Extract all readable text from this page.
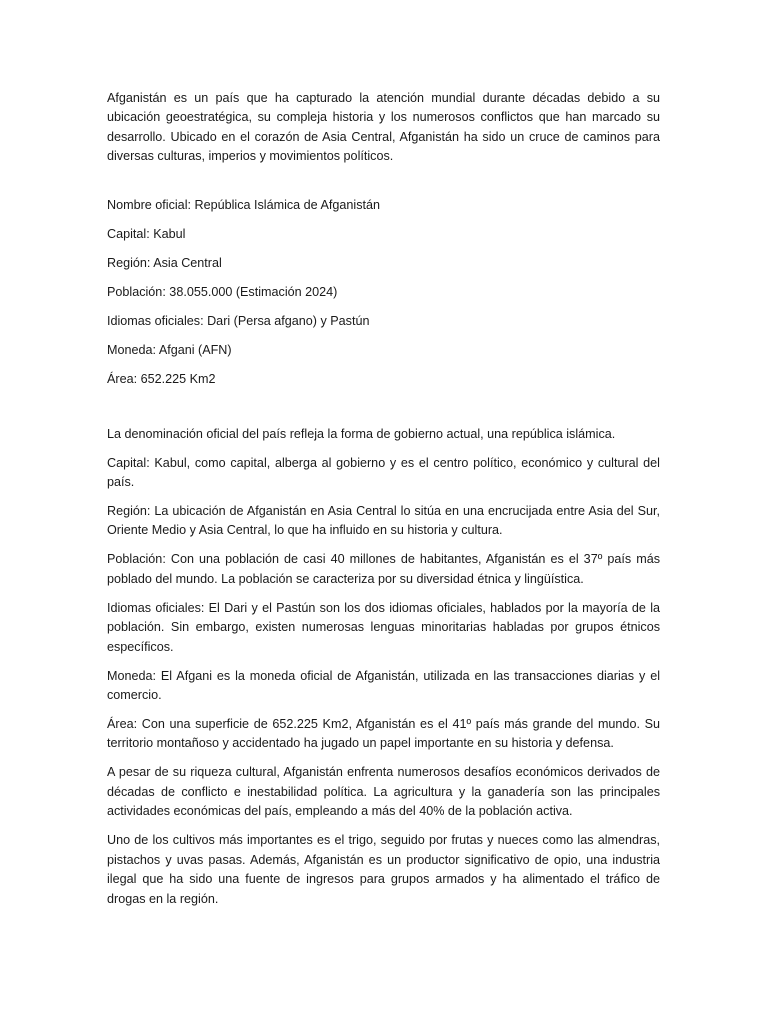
Afganistán es un país que ha capturado la atención mundial durante décadas debido a su ubicación geoestratégica, su compleja historia y los numerosos conflictos que han marcado su desarrollo. Ubicado en el corazón de Asia Central, Afganistán ha sido un cruce de caminos para diversas culturas, imperios y movimientos políticos.

Nombre oficial: República Islámica de Afganistán

Capital: Kabul

Región: Asia Central

Población: 38.055.000 (Estimación 2024)

Idiomas oficiales: Dari (Persa afgano) y Pastún

Moneda: Afgani (AFN)

Área: 652.225 Km2

La denominación oficial del país refleja la forma de gobierno actual, una república islámica.

Capital: Kabul, como capital, alberga al gobierno y es el centro político, económico y cultural del país.

Región: La ubicación de Afganistán en Asia Central lo sitúa en una encrucijada entre Asia del Sur, Oriente Medio y Asia Central, lo que ha influido en su historia y cultura.

Población: Con una población de casi 40 millones de habitantes, Afganistán es el 37º país más poblado del mundo. La población se caracteriza por su diversidad étnica y lingüística.

Idiomas oficiales: El Dari y el Pastún son los dos idiomas oficiales, hablados por la mayoría de la población. Sin embargo, existen numerosas lenguas minoritarias habladas por grupos étnicos específicos.

Moneda: El Afgani es la moneda oficial de Afganistán, utilizada en las transacciones diarias y el comercio.

Área: Con una superficie de 652.225 Km2, Afganistán es el 41º país más grande del mundo. Su territorio montañoso y accidentado ha jugado un papel importante en su historia y defensa.

A pesar de su riqueza cultural, Afganistán enfrenta numerosos desafíos económicos derivados de décadas de conflicto e inestabilidad política. La agricultura y la ganadería son las principales actividades económicas del país, empleando a más del 40% de la población activa.

Uno de los cultivos más importantes es el trigo, seguido por frutas y nueces como las almendras, pistachos y uvas pasas. Además, Afganistán es un productor significativo de opio, una industria ilegal que ha sido una fuente de ingresos para grupos armados y ha alimentado el tráfico de drogas en la región.
